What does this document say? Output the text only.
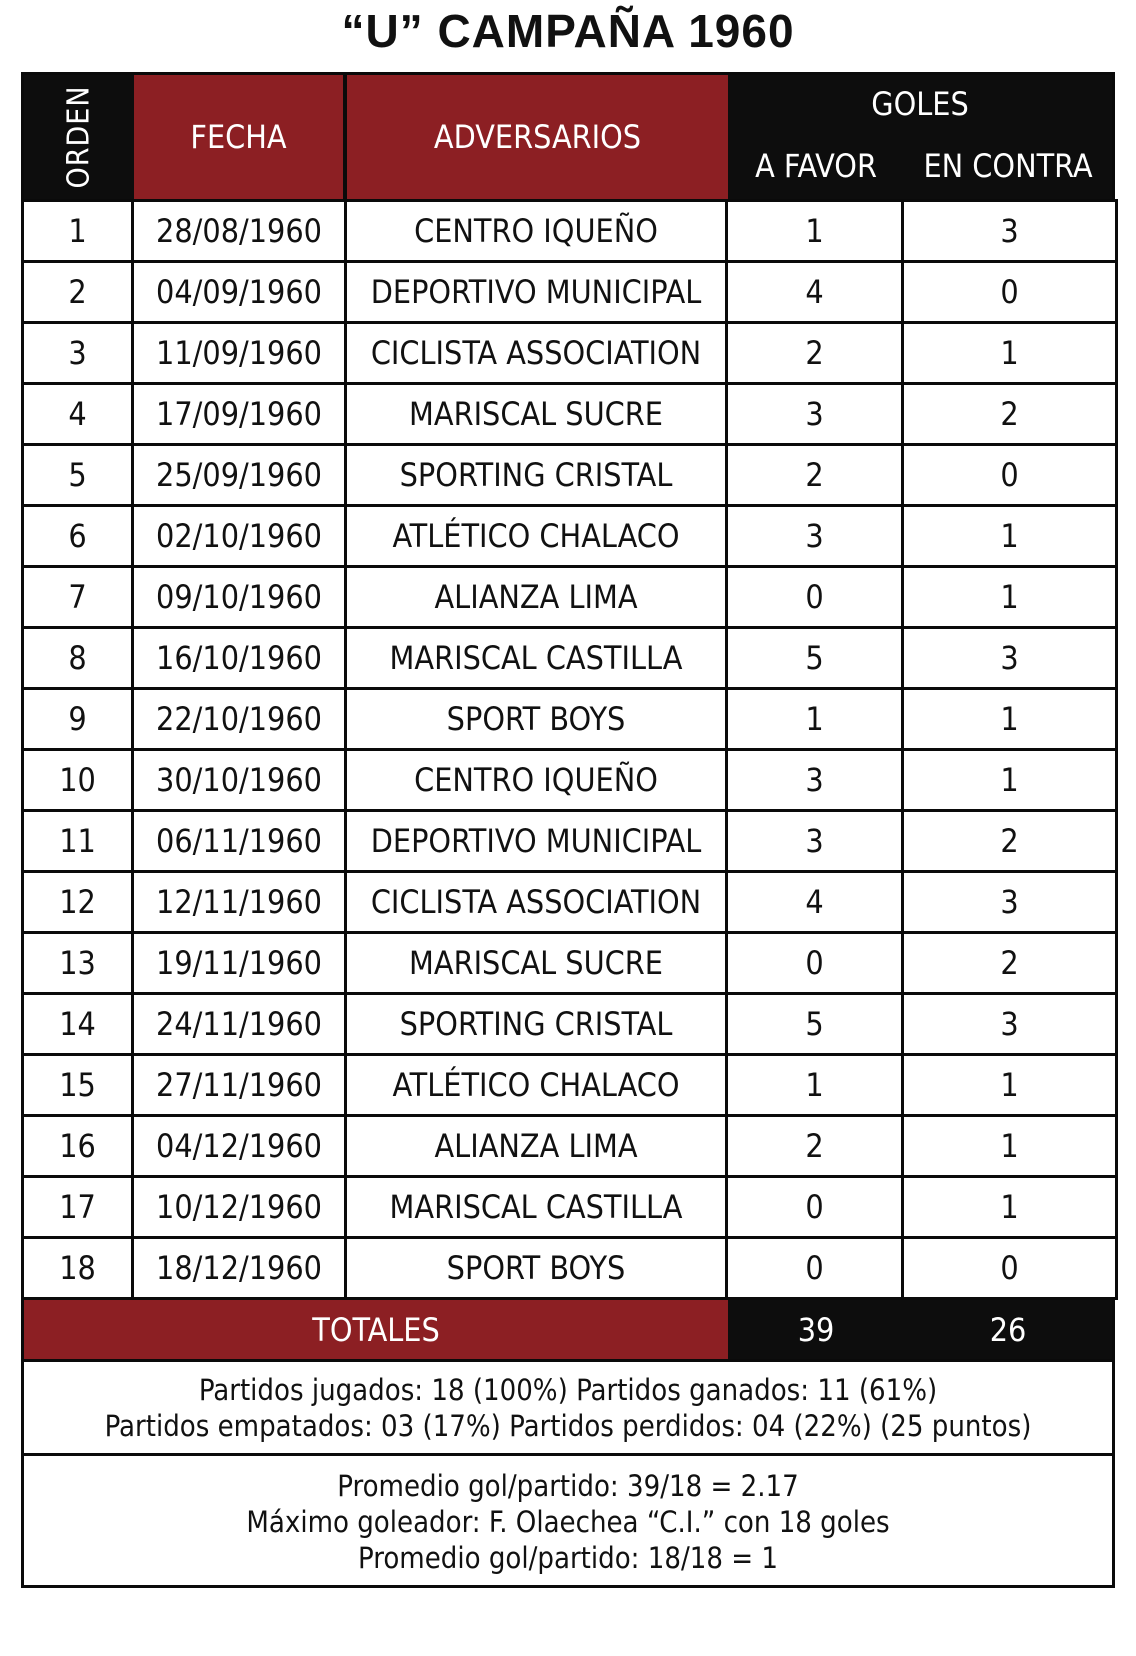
“U” CAMPAÑA 1960
ORDEN	FECHA	ADVERSARIOS
GOLES
A FAVOR	EN CONTRA
1	28/08/1960	CENTRO IQUEÑO	1	3
2	04/09/1960	DEPORTIVO MUNICIPAL	4	0
3	11/09/1960	CICLISTA ASSOCIATION	2	1
4	17/09/1960	MARISCAL SUCRE	3	2
5	25/09/1960	SPORTING CRISTAL	2	0
6	02/10/1960	ATLÉTICO CHALACO	3	1
7	09/10/1960	ALIANZA LIMA	0	1
8	16/10/1960	MARISCAL CASTILLA	5	3
9	22/10/1960	SPORT BOYS	1	1
10	30/10/1960	CENTRO IQUEÑO	3	1
11	06/11/1960	DEPORTIVO MUNICIPAL	3	2
12	12/11/1960	CICLISTA ASSOCIATION	4	3
13	19/11/1960	MARISCAL SUCRE	0	2
14	24/11/1960	SPORTING CRISTAL	5	3
15	27/11/1960	ATLÉTICO CHALACO	1	1
16	04/12/1960	ALIANZA LIMA	2	1
17	10/12/1960	MARISCAL CASTILLA	0	1
18	18/12/1960	SPORT BOYS	0	0
TOTALES	39	26
Partidos jugados: 18 (100%) Partidos ganados: 11 (61%)
Partidos empatados: 03 (17%) Partidos perdidos: 04 (22%) (25 puntos)
Promedio gol/partido: 39/18 = 2.17
Máximo goleador: F. Olaechea “C.I.” con 18 goles
Promedio gol/partido: 18/18 = 1
